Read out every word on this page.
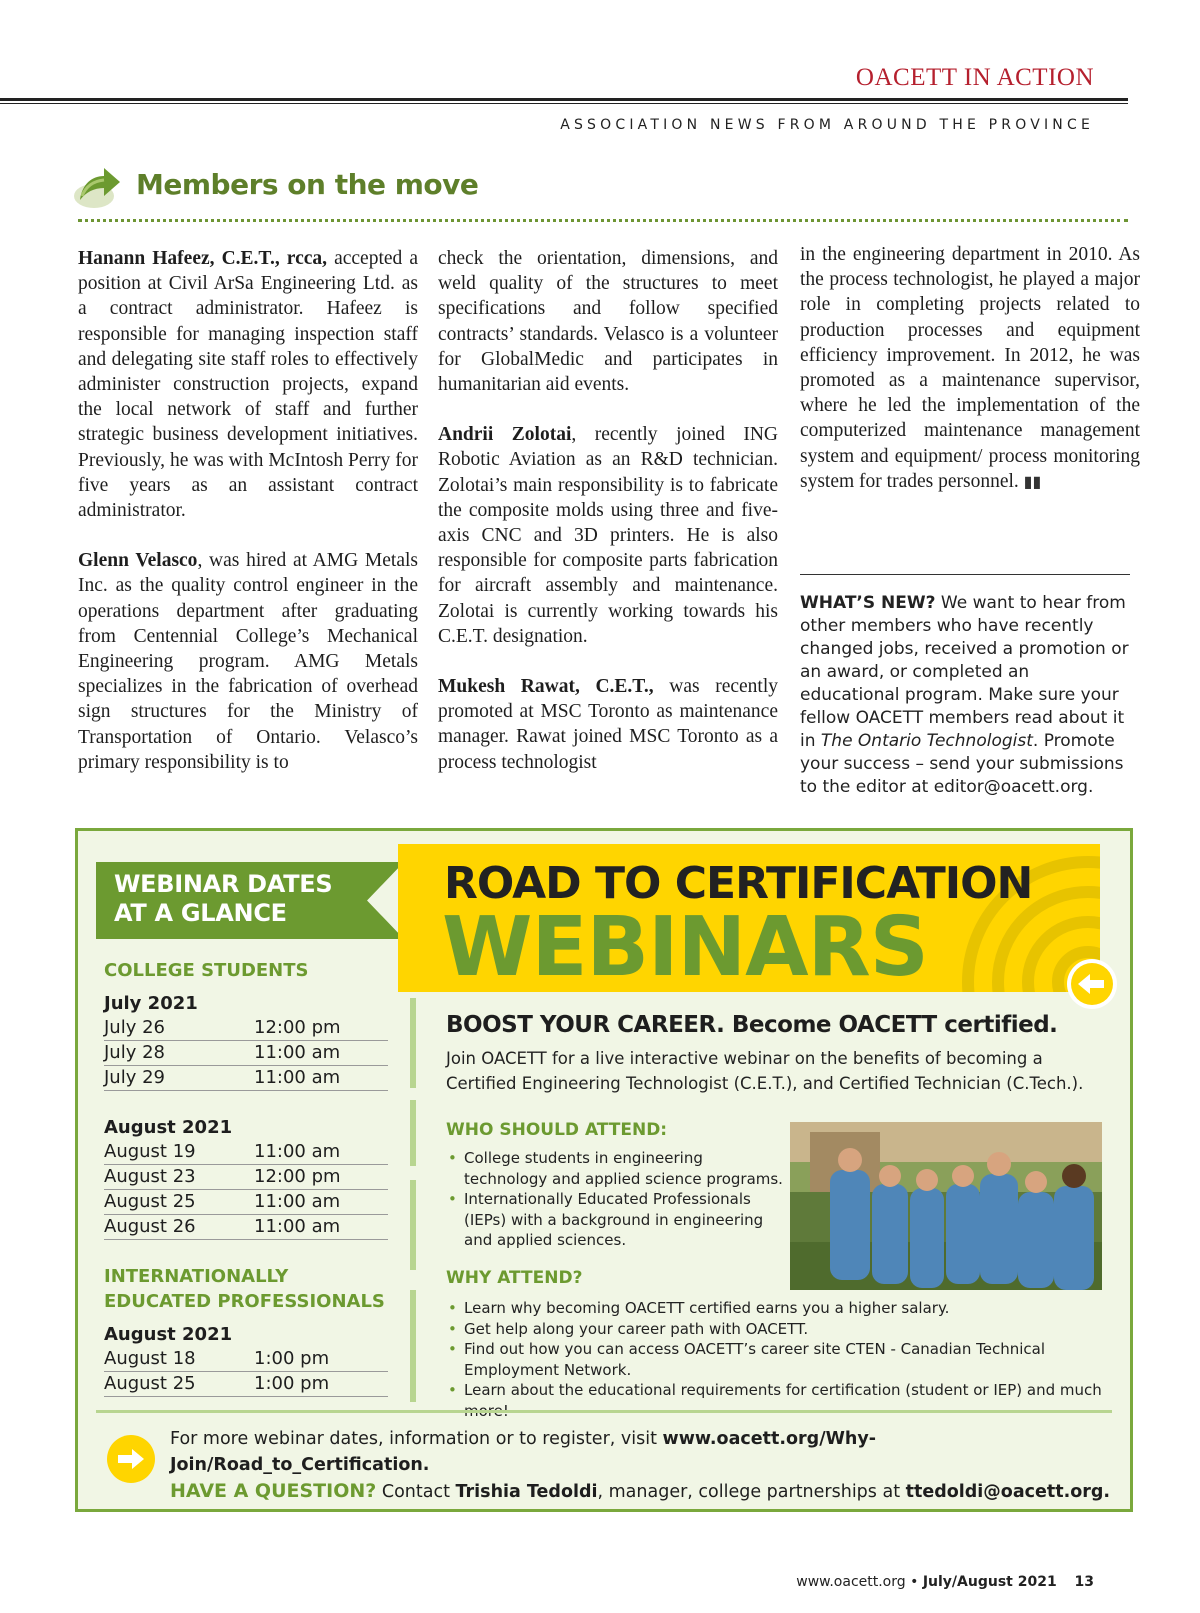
OACETT IN ACTION
ASSOCIATION NEWS FROM AROUND THE PROVINCE
Members on the move

Hanann Hafeez, C.E.T., rcca, accepted a position at Civil ArSa Engineering Ltd. as a contract administrator. Hafeez is responsible for managing inspection staff and delegating site staff roles to effectively administer construction projects, expand the local network of staff and further strategic business development initiatives. Previously, he was with McIntosh Perry for five years as an assistant contract administrator.

Glenn Velasco, was hired at AMG Metals Inc. as the quality control engineer in the operations department after graduating from Centennial College’s Mechanical Engineering program. AMG Metals specializes in the fabrication of overhead sign structures for the Ministry of Transportation of Ontario. Velasco’s primary responsibility is to

check the orientation, dimensions, and weld quality of the structures to meet specifications and follow specified contracts’ standards. Velasco is a volunteer for GlobalMedic and participates in humanitarian aid events.

Andrii Zolotai, recently joined ING Robotic Aviation as an R&D technician. Zolotai’s main responsibility is to fabricate the composite molds using three and five-axis CNC and 3D printers. He is also responsible for composite parts fabrication for aircraft assembly and maintenance. Zolotai is currently working towards his C.E.T. designation.

Mukesh Rawat, C.E.T., was recently promoted at MSC Toronto as maintenance manager. Rawat joined MSC Toronto as a process technologist

in the engineering department in 2010. As the process technologist, he played a major role in completing projects related to production processes and equipment efficiency improvement. In 2012, he was promoted as a maintenance supervisor, where he led the implementation of the computerized maintenance management system and equipment/ process monitoring system for trades personnel. ▮▮

WHAT’S NEW? We want to hear from other members who have recently changed jobs, received a promotion or an award, or completed an educational program. Make sure your fellow OACETT members read about it in The Ontario Technologist. Promote your success – send your submissions to the editor at editor@oacett.org.
WEBINAR DATES AT A GLANCE
COLLEGE STUDENTS
July 2021
July 26	12:00 pm
July 28	11:00 am
July 29	11:00 am
August 2021
August 19	11:00 am
August 23	12:00 pm
August 25	11:00 am
August 26	11:00 am
INTERNATIONALLY EDUCATED PROFESSIONALS
August 2021
August 18	1:00 pm
August 25	1:00 pm
ROAD TO CERTIFICATION
WEBINARS
BOOST YOUR CAREER. Become OACETT certified.
Join OACETT for a live interactive webinar on the benefits of becoming a Certified Engineering Technologist (C.E.T.), and Certified Technician (C.Tech.).
WHO SHOULD ATTEND:
• College students in engineering technology and applied science programs.
• Internationally Educated Professionals (IEPs) with a background in engineering and applied sciences.
WHY ATTEND?
• Learn why becoming OACETT certified earns you a higher salary.
• Get help along your career path with OACETT.
• Find out how you can access OACETT’s career site CTEN - Canadian Technical Employment Network.
• Learn about the educational requirements for certification (student or IEP) and much
For more webinar dates, information or to register, visit www.oacett.org/Why-Join/Road_to_Certification.
HAVE A QUESTION? Contact Trishia Tedoldi, manager, college partnerships at ttedoldi@oacett.org.
www.oacett.org • July/August 2021 13
